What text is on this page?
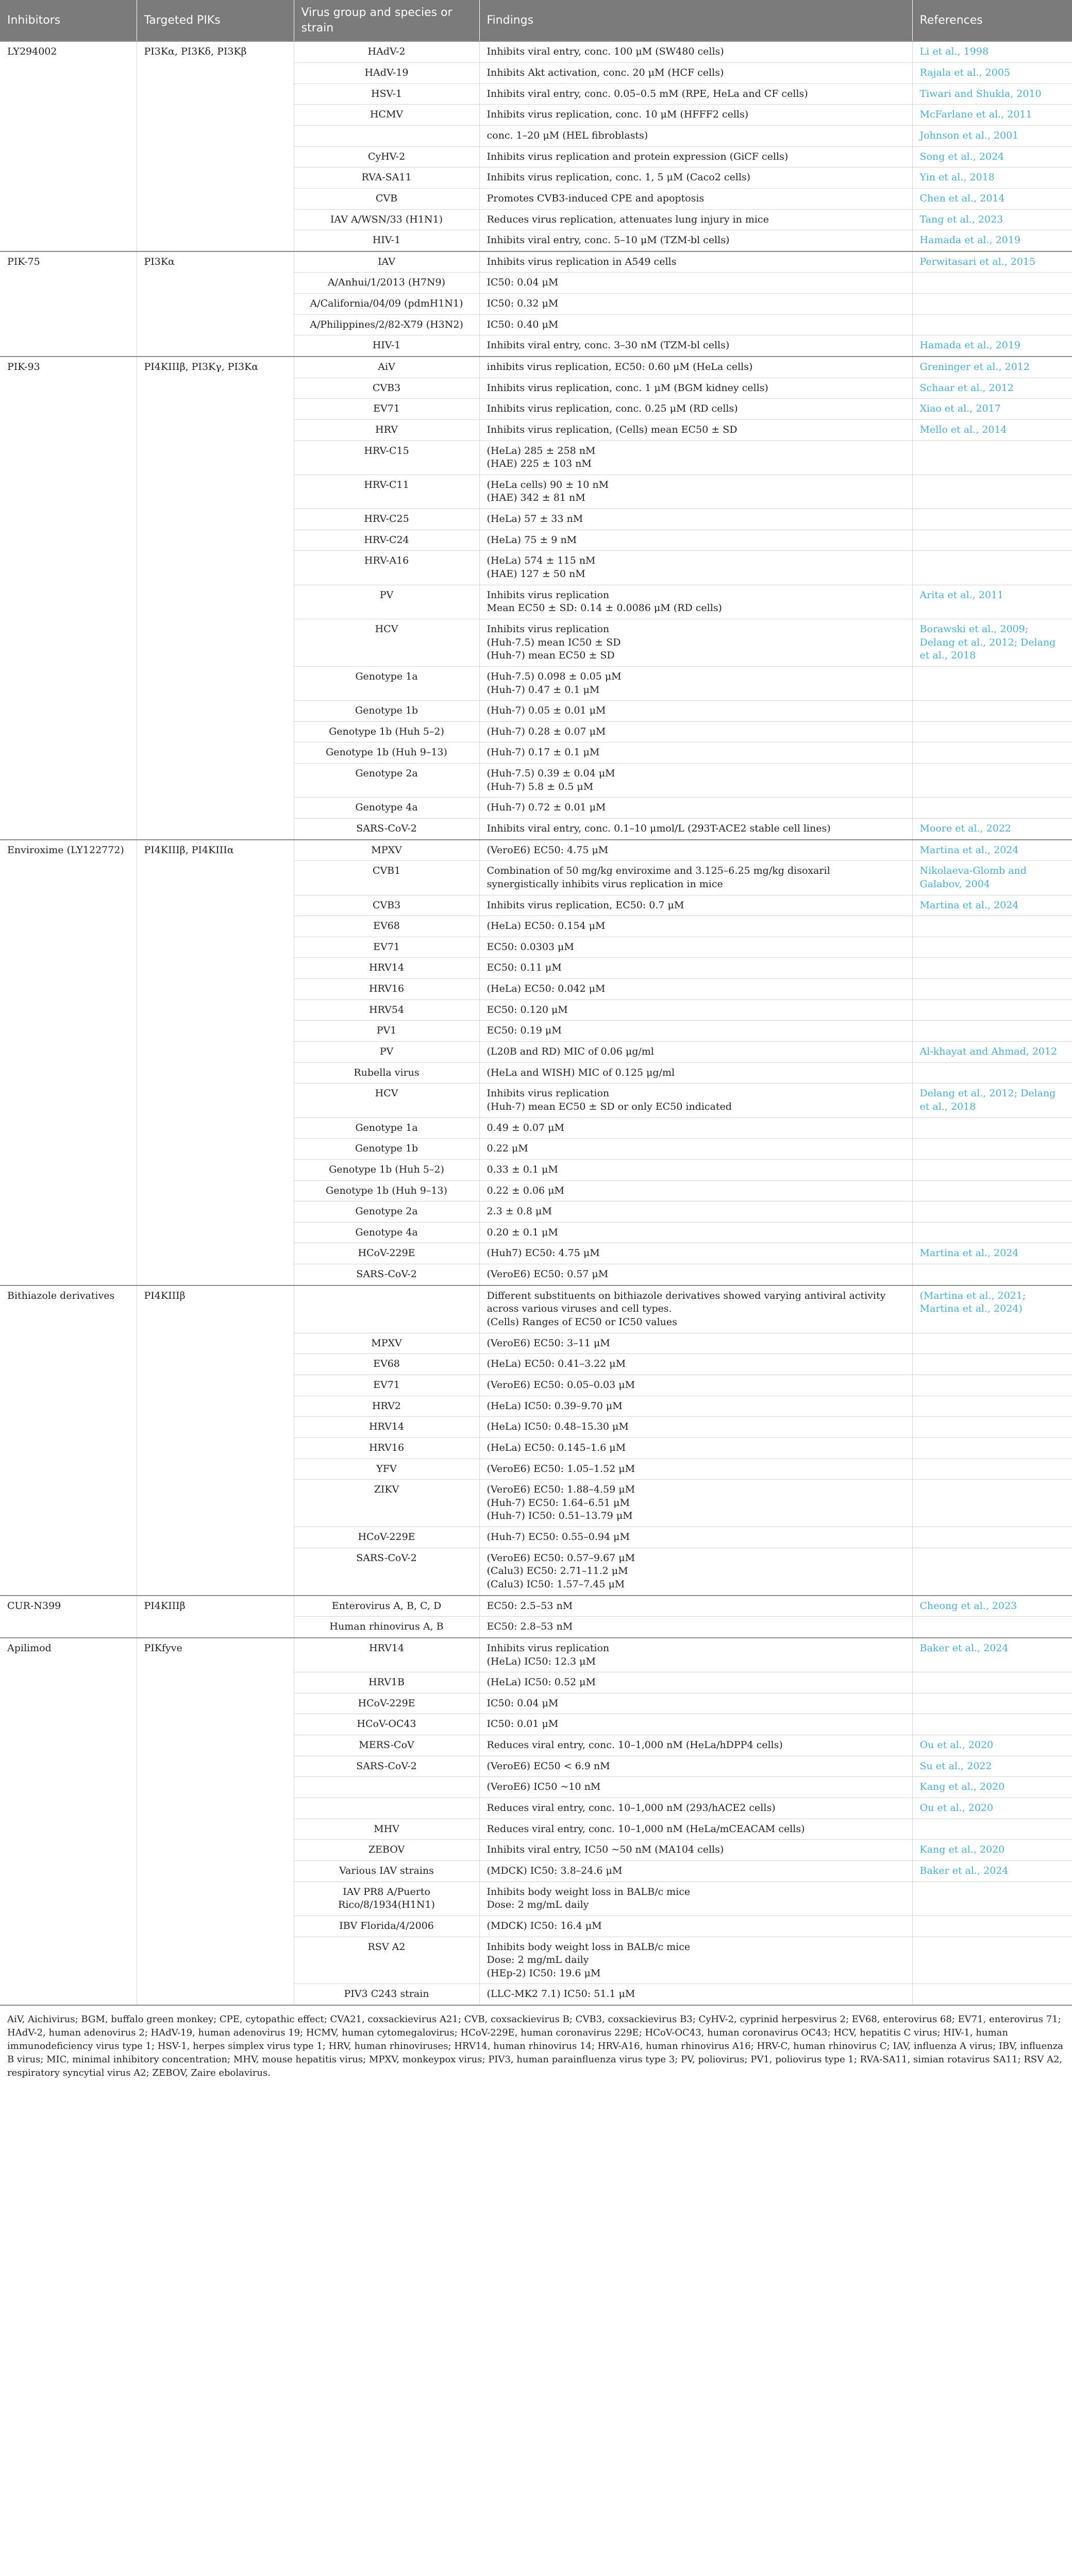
Inhibitors	Targeted PIKs	Virus group and species or strain	Findings	References
LY294002	PI3Kα, PI3Kδ, PI3Kβ	HAdV-2	Inhibits viral entry, conc. 100 μM (SW480 cells)	Li et al., 1998
		HAdV-19	Inhibits Akt activation, conc. 20 μM (HCF cells)	Rajala et al., 2005
		HSV-1	Inhibits viral entry, conc. 0.05–0.5 mM (RPE, HeLa and CF cells)	Tiwari and Shukla, 2010
		HCMV	Inhibits virus replication, conc. 10 μM (HFFF2 cells)	McFarlane et al., 2011

			conc. 1–20 μM (HEL fibroblasts)	Johnson et al., 2001
		CyHV-2	Inhibits virus replication and protein expression (GiCF cells)	Song et al., 2024
		RVA-SA11	Inhibits virus replication, conc. 1, 5 μM (Caco2 cells)	Yin et al., 2018
		CVB	Promotes CVB3-induced CPE and apoptosis	Chen et al., 2014
		IAV A/WSN/33 (H1N1)	Reduces virus replication, attenuates lung injury in mice	Tang et al., 2023
		HIV-1	Inhibits viral entry, conc. 5–10 μM (TZM-bl cells)	Hamada et al., 2019
PIK-75	PI3Kα	IAV	Inhibits virus replication in A549 cells	Perwitasari et al., 2015
		A/Anhui/1/2013 (H7N9)	IC50: 0.04 μM	

		A/California/04/09 (pdmH1N1)	IC50: 0.32 μM	

		A/Philippines/2/82-X79 (H3N2)	IC50: 0.40 μM	

		HIV-1	Inhibits viral entry, conc. 3–30 nM (TZM-bl cells)	Hamada et al., 2019
PIK-93	PI4KIIIβ, PI3Kγ, PI3Kα	AiV	inhibits virus replication, EC50: 0.60 μM (HeLa cells)	Greninger et al., 2012
		CVB3	Inhibits virus replication, conc. 1 μM (BGM kidney cells)	Schaar et al., 2012
		EV71	Inhibits virus replication, conc. 0.25 μM (RD cells)	Xiao et al., 2017
		HRV	Inhibits virus replication, (Cells) mean EC50 ± SD	Mello et al., 2014
		HRV-C15	(HeLa) 285 ± 258 nM
(HAE) 225 ± 103 nM	

		HRV-C11	(HeLa cells) 90 ± 10 nM
(HAE) 342 ± 81 nM	

		HRV-C25	(HeLa) 57 ± 33 nM	

		HRV-C24	(HeLa) 75 ± 9 nM	

		HRV-A16	(HeLa) 574 ± 115 nM
(HAE) 127 ± 50 nM	

		PV	Inhibits virus replication
Mean EC50 ± SD: 0.14 ± 0.0086 μM (RD cells)	Arita et al., 2011
		HCV	Inhibits virus replication
(Huh-7.5) mean IC50 ± SD
(Huh-7) mean EC50 ± SD	Borawski et al., 2009; Delang et al., 2012; Delang et al., 2018
		Genotype 1a	(Huh-7.5) 0.098 ± 0.05 μM
(Huh-7) 0.47 ± 0.1 μM	

		Genotype 1b	(Huh-7) 0.05 ± 0.01 μM	

		Genotype 1b (Huh 5–2)	(Huh-7) 0.28 ± 0.07 μM	

		Genotype 1b (Huh 9–13)	(Huh-7) 0.17 ± 0.1 μM	

		Genotype 2a	(Huh-7.5) 0.39 ± 0.04 μM
(Huh-7) 5.8 ± 0.5 μM	

		Genotype 4a	(Huh-7) 0.72 ± 0.01 μM	

		SARS-CoV-2	Inhibits viral entry, conc. 0.1–10 μmol/L (293T-ACE2 stable cell lines)	Moore et al., 2022
Enviroxime (LY122772)	PI4KIIIβ, PI4KIIIα	MPXV	(VeroE6) EC50: 4.75 μM	Martina et al., 2024
		CVB1	Combination of 50 mg/kg enviroxime and 3.125–6.25 mg/kg disoxaril synergistically inhibits virus replication in mice	Nikolaeva-Glomb and Galabov, 2004
		CVB3	Inhibits virus replication, EC50: 0.7 μM	Martina et al., 2024
		EV68	(HeLa) EC50: 0.154 μM	

		EV71	EC50: 0.0303 μM	

		HRV14	EC50: 0.11 μM	

		HRV16	(HeLa) EC50: 0.042 μM	

		HRV54	EC50: 0.120 μM	

		PV1	EC50: 0.19 μM	

		PV	(L20B and RD) MIC of 0.06 μg/ml	Al-khayat and Ahmad, 2012
		Rubella virus	(HeLa and WISH) MIC of 0.125 μg/ml	

		HCV	Inhibits virus replication
(Huh-7) mean EC50 ± SD or only EC50 indicated	Delang et al., 2012; Delang et al., 2018
		Genotype 1a	0.49 ± 0.07 μM	

		Genotype 1b	0.22 μM	

		Genotype 1b (Huh 5–2)	0.33 ± 0.1 μM	

		Genotype 1b (Huh 9–13)	0.22 ± 0.06 μM	

		Genotype 2a	2.3 ± 0.8 μM	

		Genotype 4a	0.20 ± 0.1 μM	

		HCoV-229E	(Huh7) EC50: 4.75 μM	Martina et al., 2024
		SARS-CoV-2	(VeroE6) EC50: 0.57 μM	

Bithiazole derivatives	PI4KIIIβ		Different substituents on bithiazole derivatives showed varying antiviral activity across various viruses and cell types.
(Cells) Ranges of EC50 or IC50 values	(Martina et al., 2021; Martina et al., 2024)
		MPXV	(VeroE6) EC50: 3–11 μM	

		EV68	(HeLa) EC50: 0.41–3.22 μM	

		EV71	(VeroE6) EC50: 0.05–0.03 μM	

		HRV2	(HeLa) IC50: 0.39–9.70 μM	

		HRV14	(HeLa) IC50: 0.48–15.30 μM	

		HRV16	(HeLa) EC50: 0.145–1.6 μM	

		YFV	(VeroE6) EC50: 1.05–1.52 μM	

		ZIKV	(VeroE6) EC50: 1.88–4.59 μM
(Huh-7) EC50: 1.64–6.51 μM
(Huh-7) IC50: 0.51–13.79 μM	

		HCoV-229E	(Huh-7) EC50: 0.55–0.94 μM	

		SARS-CoV-2	(VeroE6) EC50: 0.57–9.67 μM
(Calu3) EC50: 2.71–11.2 μM
(Calu3) IC50: 1.57–7.45 μM	

CUR-N399	PI4KIIIβ	Enterovirus A, B, C, D	EC50: 2.5–53 nM	Cheong et al., 2023
		Human rhinovirus A, B	EC50: 2.8–53 nM	

Apilimod	PIKfyve	HRV14	Inhibits virus replication
(HeLa) IC50: 12.3 μM	Baker et al., 2024
		HRV1B	(HeLa) IC50: 0.52 μM	

		HCoV-229E	IC50: 0.04 μM	

		HCoV-OC43	IC50: 0.01 μM	

		MERS-CoV	Reduces viral entry, conc. 10–1,000 nM (HeLa/hDPP4 cells)	Ou et al., 2020
		SARS-CoV-2	(VeroE6) EC50 < 6.9 nM	Su et al., 2022

			(VeroE6) IC50 ~10 nM	Kang et al., 2020

			Reduces viral entry, conc. 10–1,000 nM (293/hACE2 cells)	Ou et al., 2020
		MHV	Reduces viral entry, conc. 10–1,000 nM (HeLa/mCEACAM cells)	

		ZEBOV	Inhibits viral entry, IC50 ~50 nM (MA104 cells)	Kang et al., 2020
		Various IAV strains	(MDCK) IC50: 3.8–24.6 μM	Baker et al., 2024
		IAV PR8 A/Puerto Rico/8/1934(H1N1)	Inhibits body weight loss in BALB/c mice
Dose: 2 mg/mL daily	

		IBV Florida/4/2006	(MDCK) IC50: 16.4 μM	

		RSV A2	Inhibits body weight loss in BALB/c mice
Dose: 2 mg/mL daily
(HEp-2) IC50: 19.6 μM	

		PIV3 C243 strain	(LLC-MK2 7.1) IC50: 51.1 μM	

AiV, Aichivirus; BGM, buffalo green monkey; CPE, cytopathic effect; CVA21, coxsackievirus A21; CVB, coxsackievirus B; CVB3, coxsackievirus B3; CyHV-2, cyprinid herpesvirus 2; EV68, enterovirus 68; EV71, enterovirus 71; HAdV-2, human adenovirus 2; HAdV-19, human adenovirus 19; HCMV, human cytomegalovirus; HCoV-229E, human coronavirus 229E; HCoV-OC43, human coronavirus OC43; HCV, hepatitis C virus; HIV-1, human immunodeficiency virus type 1; HSV-1, herpes simplex virus type 1; HRV, human rhinoviruses; HRV14, human rhinovirus 14; HRV-A16, human rhinovirus A16; HRV-C, human rhinovirus C; IAV, influenza A virus; IBV, influenza B virus; MIC, minimal inhibitory concentration; MHV, mouse hepatitis virus; MPXV, monkeypox virus; PIV3, human parainfluenza virus type 3; PV, poliovirus; PV1, poliovirus type 1; RVA-SA11, simian rotavirus SA11; RSV A2, respiratory syncytial virus A2; ZEBOV, Zaire ebolavirus.
